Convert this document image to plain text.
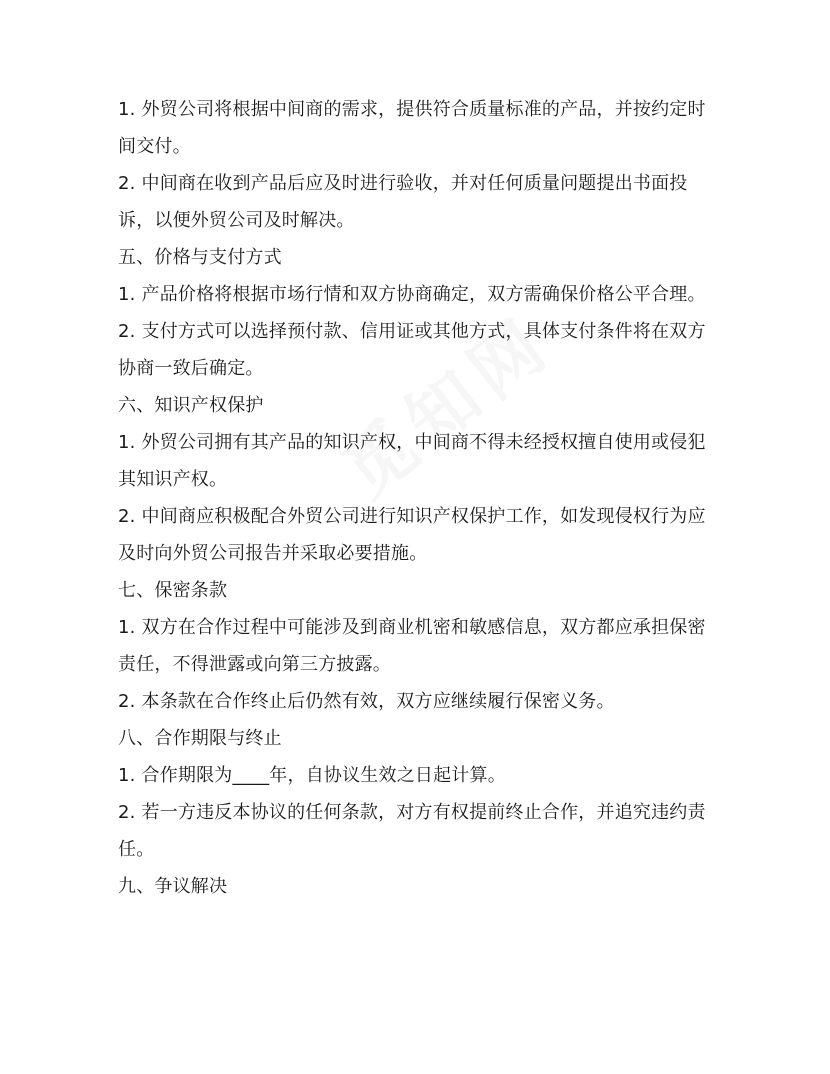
1. 外贸公司将根据中间商的需求，提供符合质量标准的产品，并按约定时间交付。

2. 中间商在收到产品后应及时进行验收，并对任何质量问题提出书面投诉，以便外贸公司及时解决。

五、价格与支付方式

1. 产品价格将根据市场行情和双方协商确定，双方需确保价格公平合理。

2. 支付方式可以选择预付款、信用证或其他方式，具体支付条件将在双方协商一致后确定。

六、知识产权保护

1. 外贸公司拥有其产品的知识产权，中间商不得未经授权擅自使用或侵犯其知识产权。

2. 中间商应积极配合外贸公司进行知识产权保护工作，如发现侵权行为应及时向外贸公司报告并采取必要措施。

七、保密条款

1. 双方在合作过程中可能涉及到商业机密和敏感信息，双方都应承担保密责任，不得泄露或向第三方披露。

2. 本条款在合作终止后仍然有效，双方应继续履行保密义务。

八、合作期限与终止

1. 合作期限为____年，自协议生效之日起计算。

2. 若一方违反本协议的任何条款，对方有权提前终止合作，并追究违约责任。

九、争议解决
